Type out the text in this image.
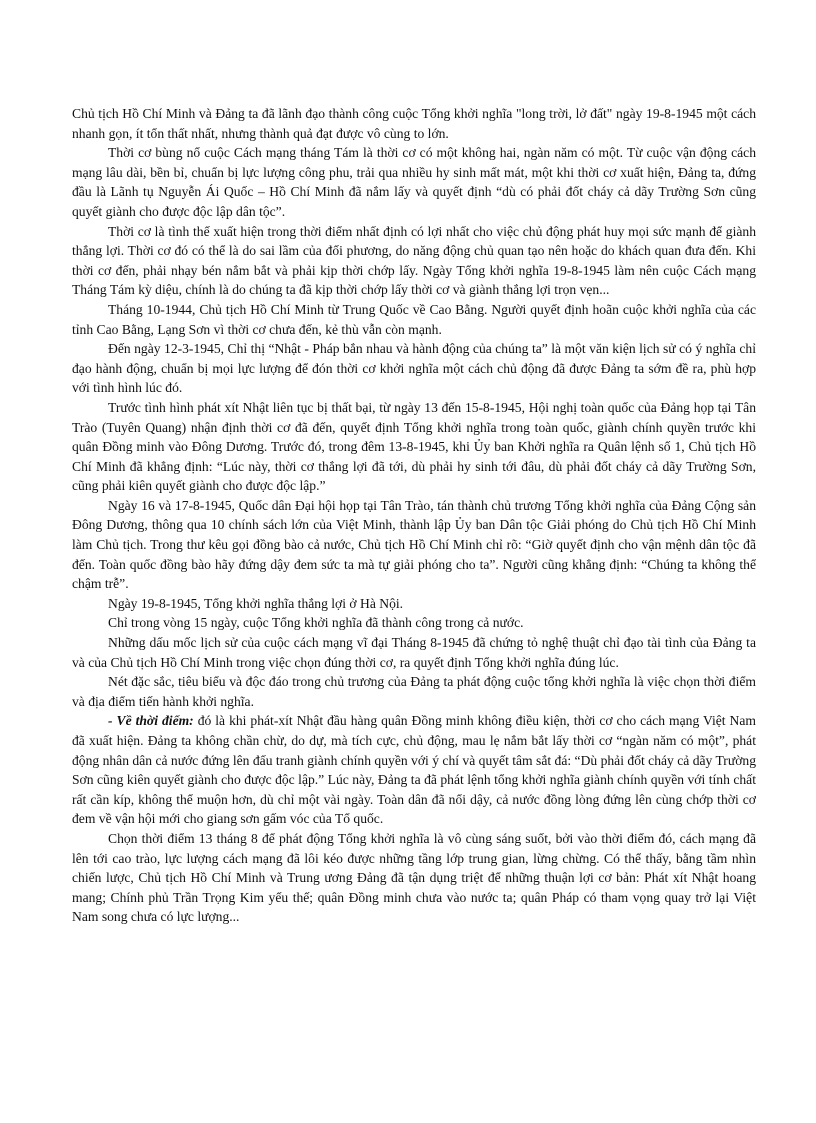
Chủ tịch Hồ Chí Minh và Đảng ta đã lãnh đạo thành công cuộc Tổng khởi nghĩa "long trời, lở đất" ngày 19-8-1945 một cách nhanh gọn, ít tổn thất nhất, nhưng thành quả đạt được vô cùng to lớn.

Thời cơ bùng nổ cuộc Cách mạng tháng Tám là thời cơ có một không hai, ngàn năm có một. Từ cuộc vận động cách mạng lâu dài, bền bỉ, chuẩn bị lực lượng công phu, trải qua nhiều hy sinh mất mát, một khi thời cơ xuất hiện, Đảng ta, đứng đầu là Lãnh tụ Nguyễn Ái Quốc – Hồ Chí Minh đã nắm lấy và quyết định “dù có phải đốt cháy cả dãy Trường Sơn cũng quyết giành cho được độc lập dân tộc”.

Thời cơ là tình thế xuất hiện trong thời điểm nhất định có lợi nhất cho việc chủ động phát huy mọi sức mạnh để giành thắng lợi. Thời cơ đó có thể là do sai lầm của đối phương, do năng động chủ quan tạo nên hoặc do khách quan đưa đến. Khi thời cơ đến, phải nhạy bén nắm bắt và phải kịp thời chớp lấy. Ngày Tổng khởi nghĩa 19-8-1945 làm nên cuộc Cách mạng Tháng Tám kỳ diệu, chính là do chúng ta đã kịp thời chớp lấy thời cơ và giành thắng lợi trọn vẹn...

Tháng 10-1944, Chủ tịch Hồ Chí Minh từ Trung Quốc về Cao Bằng. Người quyết định hoãn cuộc khởi nghĩa của các tỉnh Cao Bằng, Lạng Sơn vì thời cơ chưa đến, kẻ thù vẫn còn mạnh.

Đến ngày 12-3-1945, Chỉ thị “Nhật - Pháp bắn nhau và hành động của chúng ta” là một văn kiện lịch sử có ý nghĩa chỉ đạo hành động, chuẩn bị mọi lực lượng để đón thời cơ khởi nghĩa một cách chủ động đã được Đảng ta sớm đề ra, phù hợp với tình hình lúc đó.

Trước tình hình phát xít Nhật liên tục bị thất bại, từ ngày 13 đến 15-8-1945, Hội nghị toàn quốc của Đảng họp tại Tân Trào (Tuyên Quang) nhận định thời cơ đã đến, quyết định Tổng khởi nghĩa trong toàn quốc, giành chính quyền trước khi quân Đồng minh vào Đông Dương. Trước đó, trong đêm 13-8-1945, khi Ủy ban Khởi nghĩa ra Quân lệnh số 1, Chủ tịch Hồ Chí Minh đã khẳng định: “Lúc này, thời cơ thắng lợi đã tới, dù phải hy sinh tới đâu, dù phải đốt cháy cả dãy Trường Sơn, cũng phải kiên quyết giành cho được độc lập.”

Ngày 16 và 17-8-1945, Quốc dân Đại hội họp tại Tân Trào, tán thành chủ trương Tổng khởi nghĩa của Đảng Cộng sản Đông Dương, thông qua 10 chính sách lớn của Việt Minh, thành lập Ủy ban Dân tộc Giải phóng do Chủ tịch Hồ Chí Minh làm Chủ tịch. Trong thư kêu gọi đồng bào cả nước, Chủ tịch Hồ Chí Minh chỉ rõ: “Giờ quyết định cho vận mệnh dân tộc đã đến. Toàn quốc đồng bào hãy đứng dậy đem sức ta mà tự giải phóng cho ta”. Người cũng khẳng định: “Chúng ta không thể chậm trễ”.

Ngày 19-8-1945, Tổng khởi nghĩa thắng lợi ở Hà Nội.

Chỉ trong vòng 15 ngày, cuộc Tổng khởi nghĩa đã thành công trong cả nước.

Những dấu mốc lịch sử của cuộc cách mạng vĩ đại Tháng 8-1945 đã chứng tỏ nghệ thuật chỉ đạo tài tình của Đảng ta và của Chủ tịch Hồ Chí Minh trong việc chọn đúng thời cơ, ra quyết định Tổng khởi nghĩa đúng lúc.

Nét đặc sắc, tiêu biểu và độc đáo trong chủ trương của Đảng ta phát động cuộc tổng khởi nghĩa là việc chọn thời điểm và địa điểm tiến hành khởi nghĩa.

- Về thời điểm: đó là khi phát-xít Nhật đầu hàng quân Đồng minh không điều kiện, thời cơ cho cách mạng Việt Nam đã xuất hiện. Đảng ta không chần chừ, do dự, mà tích cực, chủ động, mau lẹ nắm bắt lấy thời cơ “ngàn năm có một”, phát động nhân dân cả nước đứng lên đấu tranh giành chính quyền với ý chí và quyết tâm sắt đá: “Dù phải đốt cháy cả dãy Trường Sơn cũng kiên quyết giành cho được độc lập.” Lúc này, Đảng ta đã phát lệnh tổng khởi nghĩa giành chính quyền với tính chất rất cần kíp, không thể muộn hơn, dù chỉ một vài ngày. Toàn dân đã nổi dậy, cả nước đồng lòng đứng lên cùng chớp thời cơ đem về vận hội mới cho giang sơn gấm vóc của Tổ quốc.

Chọn thời điểm 13 tháng 8 để phát động Tổng khởi nghĩa là vô cùng sáng suốt, bởi vào thời điểm đó, cách mạng đã lên tới cao trào, lực lượng cách mạng đã lôi kéo được những tầng lớp trung gian, lừng chừng. Có thể thấy, bằng tầm nhìn chiến lược, Chủ tịch Hồ Chí Minh và Trung ương Đảng đã tận dụng triệt để những thuận lợi cơ bản: Phát xít Nhật hoang mang; Chính phủ Trần Trọng Kim yếu thế; quân Đồng minh chưa vào nước ta; quân Pháp có tham vọng quay trở lại Việt Nam song chưa có lực lượng...
